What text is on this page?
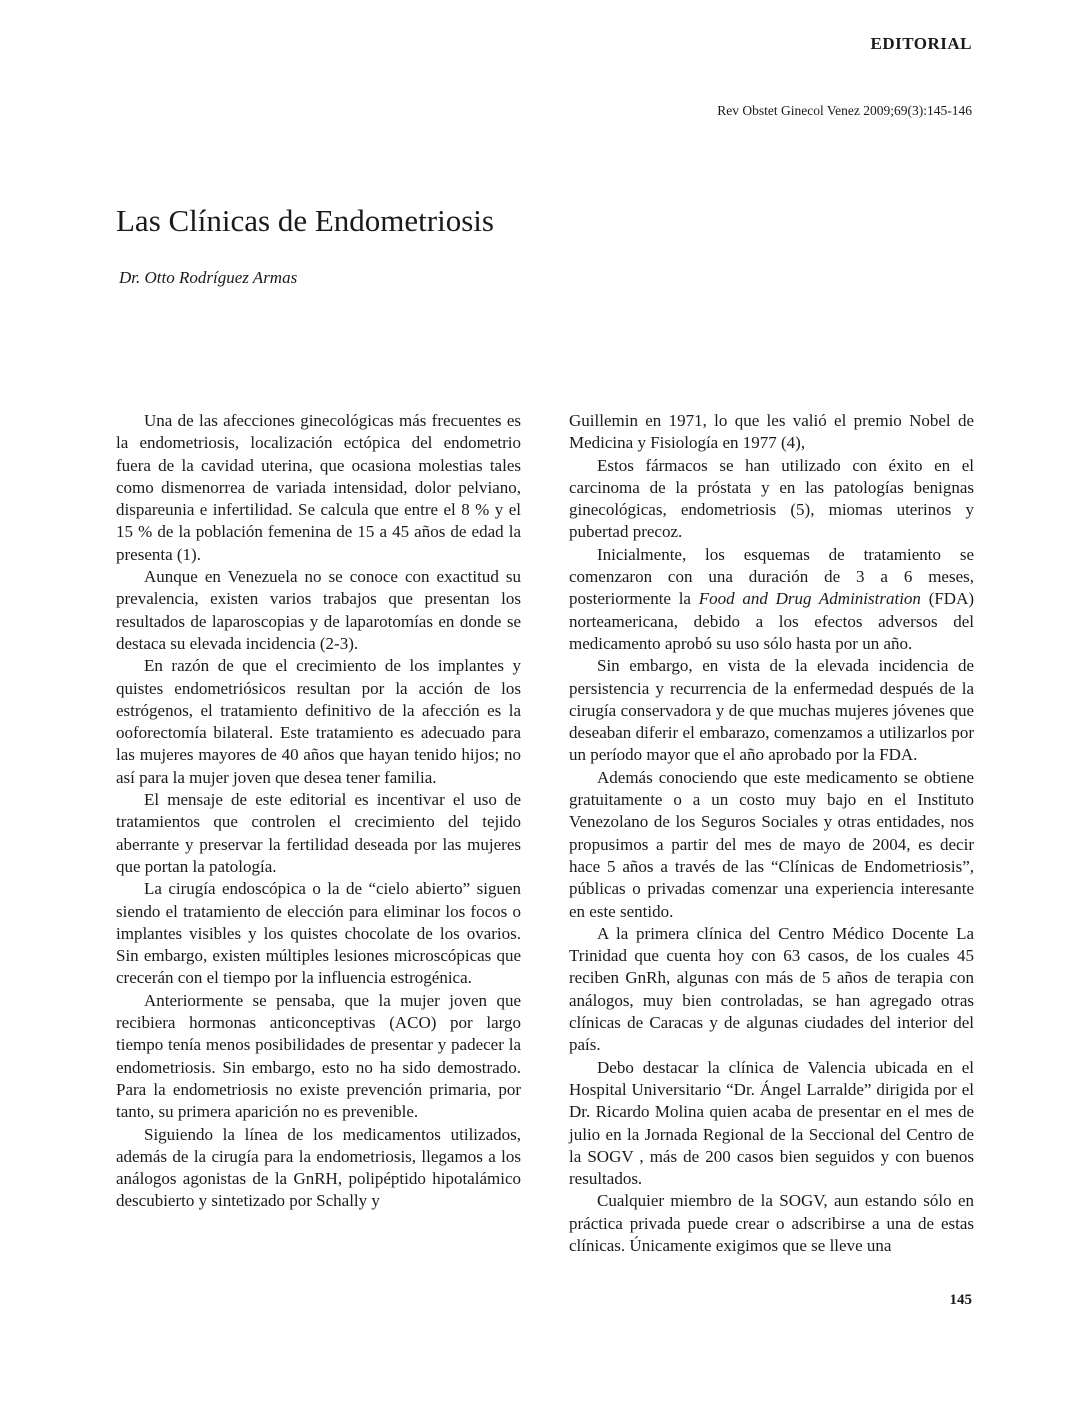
EDITORIAL
Rev Obstet Ginecol Venez 2009;69(3):145-146
Las Clínicas de Endometriosis
Dr. Otto Rodríguez Armas

Una de las afecciones ginecológicas más frecuentes es la endometriosis, localización ectópica del endometrio fuera de la cavidad uterina, que ocasiona molestias tales como dismenorrea de variada intensidad, dolor pelviano, dispareunia e infertilidad. Se calcula que entre el 8 % y el 15 % de la población femenina de 15 a 45 años de edad la presenta (1).

Aunque en Venezuela no se conoce con exactitud su prevalencia, existen varios trabajos que presentan los resultados de laparoscopias y de laparotomías en donde se destaca su elevada incidencia (2-3).

En razón de que el crecimiento de los implantes y quistes endometriósicos resultan por la acción de los estrógenos, el tratamiento definitivo de la afección es la ooforectomía bilateral. Este tratamiento es adecuado para las mujeres mayores de 40 años que hayan tenido hijos; no así para la mujer joven que desea tener familia.

El mensaje de este editorial es incentivar el uso de tratamientos que controlen el crecimiento del tejido aberrante y preservar la fertilidad deseada por las mujeres que portan la patología.

La cirugía endoscópica o la de “cielo abierto” siguen siendo el tratamiento de elección para eliminar los focos o implantes visibles y los quistes chocolate de los ovarios. Sin embargo, existen múltiples lesiones microscópicas que crecerán con el tiempo por la influencia estrogénica.

Anteriormente se pensaba, que la mujer joven que recibiera hormonas anticonceptivas (ACO) por largo tiempo tenía menos posibilidades de presentar y padecer la endometriosis. Sin embargo, esto no ha sido demostrado. Para la endometriosis no existe prevención primaria, por tanto, su primera aparición no es prevenible.

Siguiendo la línea de los medicamentos utilizados, además de la cirugía para la endometriosis, llegamos a los análogos agonistas de la GnRH, polipéptido hipotalámico descubierto y sintetizado por Schally y

Guillemin en 1971, lo que les valió el premio Nobel de Medicina y Fisiología en 1977 (4),

Estos fármacos se han utilizado con éxito en el carcinoma de la próstata y en las patologías benignas ginecológicas, endometriosis (5), miomas uterinos y pubertad precoz.

Inicialmente, los esquemas de tratamiento se comenzaron con una duración de 3 a 6 meses, posteriormente la Food and Drug Administration (FDA) norteamericana, debido a los efectos adversos del medicamento aprobó su uso sólo hasta por un año.

Sin embargo, en vista de la elevada incidencia de persistencia y recurrencia de la enfermedad después de la cirugía conservadora y de que muchas mujeres jóvenes que deseaban diferir el embarazo, comenzamos a utilizarlos por un período mayor que el año aprobado por la FDA.

Además conociendo que este medicamento se obtiene gratuitamente o a un costo muy bajo en el Instituto Venezolano de los Seguros Sociales y otras entidades, nos propusimos a partir del mes de mayo de 2004, es decir hace 5 años a través de las “Clínicas de Endometriosis”, públicas o privadas comenzar una experiencia interesante en este sentido.

A la primera clínica del Centro Médico Docente La Trinidad que cuenta hoy con 63 casos, de los cuales 45 reciben GnRh, algunas con más de 5 años de terapia con análogos, muy bien controladas, se han agregado otras clínicas de Caracas y de algunas ciudades del interior del país.

Debo destacar la clínica de Valencia ubicada en el Hospital Universitario “Dr. Ángel Larralde” dirigida por el Dr. Ricardo Molina quien acaba de presentar en el mes de julio en la Jornada Regional de la Seccional del Centro de la SOGV , más de 200 casos bien seguidos y con buenos resultados.

Cualquier miembro de la SOGV, aun estando sólo en práctica privada puede crear o adscribirse a una de estas clínicas. Únicamente exigimos que se lleve una

145
